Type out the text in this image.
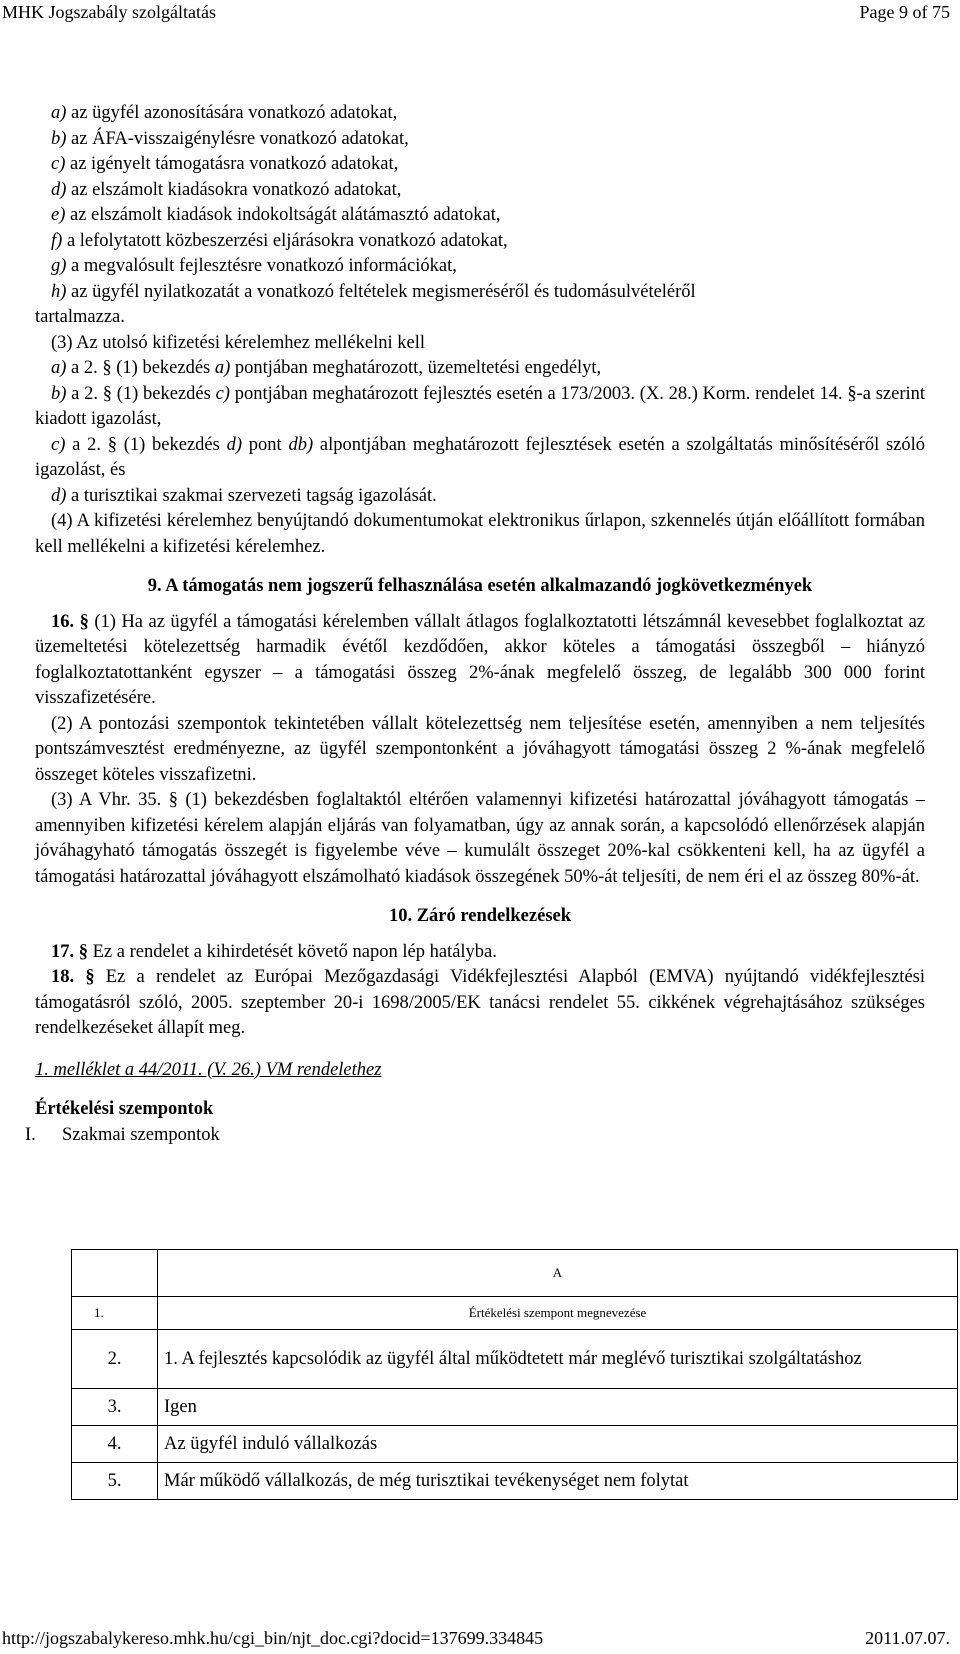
MHK Jogszabály szolgáltatás	Page 9 of 75

a) az ügyfél azonosítására vonatkozó adatokat,

b) az ÁFA-visszaigénylésre vonatkozó adatokat,

c) az igényelt támogatásra vonatkozó adatokat,

d) az elszámolt kiadásokra vonatkozó adatokat,

e) az elszámolt kiadások indokoltságát alátámasztó adatokat,

f) a lefolytatott közbeszerzési eljárásokra vonatkozó adatokat,

g) a megvalósult fejlesztésre vonatkozó információkat,

h) az ügyfél nyilatkozatát a vonatkozó feltételek megismeréséről és tudomásulvételéről

tartalmazza.

(3) Az utolsó kifizetési kérelemhez mellékelni kell

a) a 2. § (1) bekezdés a) pontjában meghatározott, üzemeltetési engedélyt,

b) a 2. § (1) bekezdés c) pontjában meghatározott fejlesztés esetén a 173/2003. (X. 28.) Korm. rendelet 14. §-a szerint kiadott igazolást,

c) a 2. § (1) bekezdés d) pont db) alpontjában meghatározott fejlesztések esetén a szolgáltatás minősítéséről szóló igazolást, és

d) a turisztikai szakmai szervezeti tagság igazolását.

(4) A kifizetési kérelemhez benyújtandó dokumentumokat elektronikus űrlapon, szkennelés útján előállított formában kell mellékelni a kifizetési kérelemhez.

9. A támogatás nem jogszerű felhasználása esetén alkalmazandó jogkövetkezmények

16. § (1) Ha az ügyfél a támogatási kérelemben vállalt átlagos foglalkoztatotti létszámnál kevesebbet foglalkoztat az üzemeltetési kötelezettség harmadik évétől kezdődően, akkor köteles a támogatási összegből – hiányzó foglalkoztatottanként egyszer – a támogatási összeg 2%-ának megfelelő összeg, de legalább 300 000 forint visszafizetésére.

(2) A pontozási szempontok tekintetében vállalt kötelezettség nem teljesítése esetén, amennyiben a nem teljesítés pontszámvesztést eredményezne, az ügyfél szempontonként a jóváhagyott támogatási összeg 2 %-ának megfelelő összeget köteles visszafizetni.

(3) A Vhr. 35. § (1) bekezdésben foglaltaktól eltérően valamennyi kifizetési határozattal jóváhagyott támogatás – amennyiben kifizetési kérelem alapján eljárás van folyamatban, úgy az annak során, a kapcsolódó ellenőrzések alapján jóváhagyható támogatás összegét is figyelembe véve – kumulált összeget 20%-kal csökkenteni kell, ha az ügyfél a támogatási határozattal jóváhagyott elszámolható kiadások összegének 50%-át teljesíti, de nem éri el az összeg 80%-át.

10. Záró rendelkezések

17. § Ez a rendelet a kihirdetését követő napon lép hatályba.

18. § Ez a rendelet az Európai Mezőgazdasági Vidékfejlesztési Alapból (EMVA) nyújtandó vidékfejlesztési támogatásról szóló, 2005. szeptember 20-i 1698/2005/EK tanácsi rendelet 55. cikkének végrehajtásához szükséges rendelkezéseket állapít meg.

1. melléklet a 44/2011. (V. 26.) VM rendelethez

Értékelési szempontok

I.	Szakmai szempontok
	A
1.	Értékelési szempont megnevezése
2.	1. A fejlesztés kapcsolódik az ügyfél által működtetett már meglévő turisztikai szolgáltatáshoz
3.	Igen
4.	Az ügyfél induló vállalkozás
5.	Már működő vállalkozás, de még turisztikai tevékenységet nem folytat
http://jogszabalykereso.mhk.hu/cgi_bin/njt_doc.cgi?docid=137699.334845	2011.07.07.
